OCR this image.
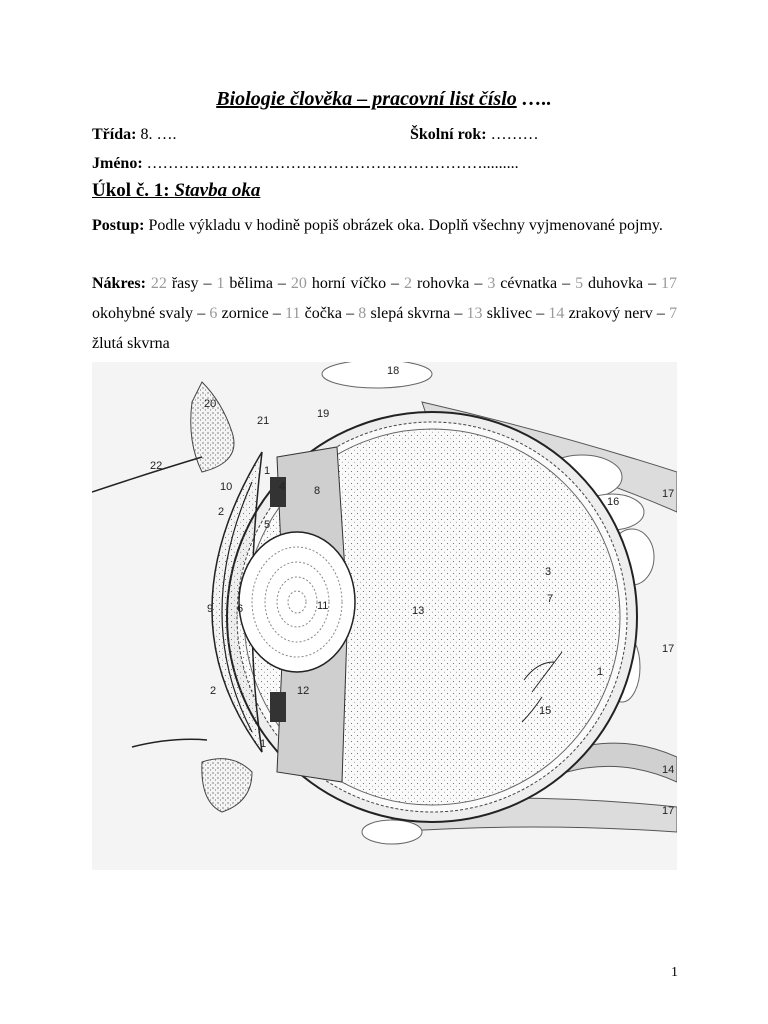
Biologie člověka – pracovní list číslo …..
Třída: 8. ….	Školní rok: ………
Jméno: ……………………………………………………….........
Úkol č. 1: Stavba oka
Postup: Podle výkladu v hodině popiš obrázek oka. Doplň všechny vyjmenované pojmy.
Nákres: 22 řasy – 1 bělima – 20 horní víčko – 2 rohovka – 3 cévnatka – 5 duhovka – 17 okohybné svaly – 6 zornice – 11 čočka – 8 slepá skvrna – 13 sklivec – 14 zrakový nerv – 7 žlutá skvrna
18
20
21
19
22	1
10	4	8
2
5
16
17
3
7
9 6	11	13
1
17
2	12
15
1
14
17
1
